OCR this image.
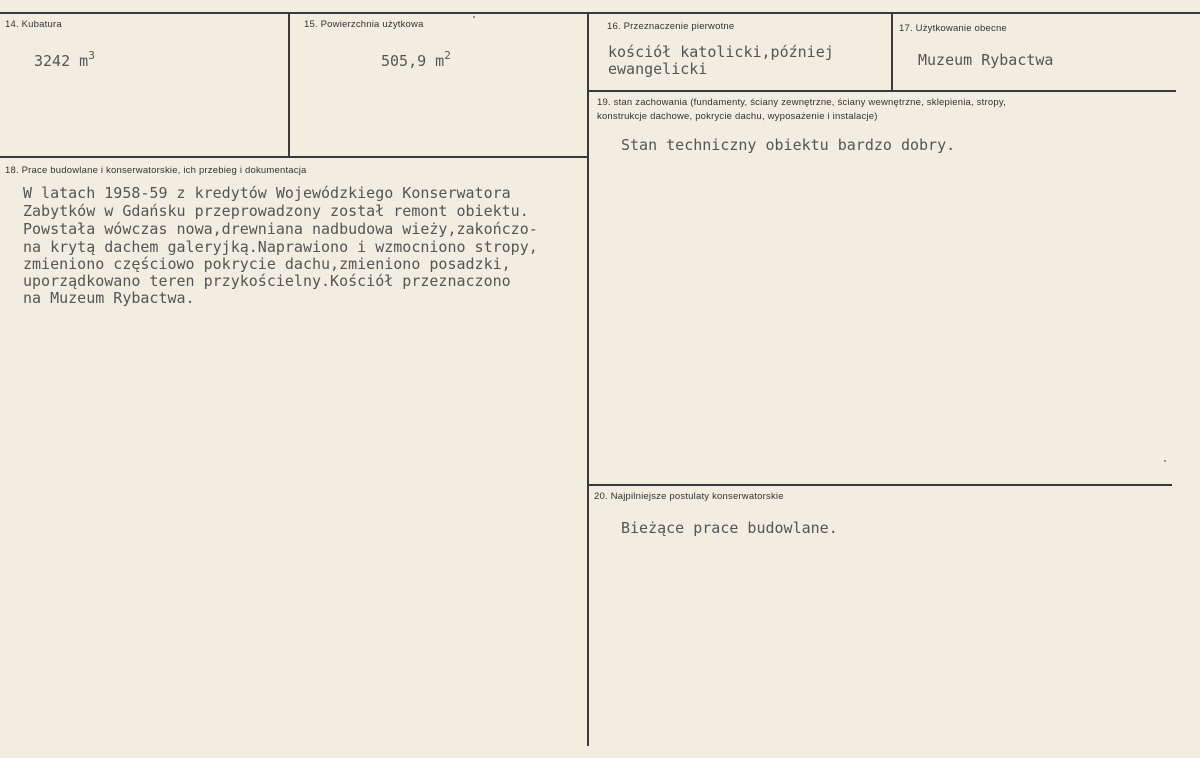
14. Kubatura
3242 $m^3$
15. Powierzchnia użytkowa
505,9 $m^2$
16. Przeznaczenie pierwotne
kościół katolicki,później
ewangelicki
17. Użytkowanie obecne
Muzeum Rybactwa
18. Prace budowlane i konserwatorskie, ich przebieg i dokumentacja
W latach 1958-59 z kredytów Wojewódzkiego Konserwatora
Zabytków w Gdańsku przeprowadzony został remont obiektu.
Powstała wówczas nowa,drewniana nadbudowa wieży,zakończo-
na krytą dachem galeryjką.Naprawiono i wzmocniono stropy,
zmieniono częściowo pokrycie dachu,zmieniono posadzki,
uporządkowano teren przykościelny.Kościół przeznaczono
na Muzeum Rybactwa.
19. stan zachowania (fundamenty, ściany zewnętrzne, ściany wewnętrzne, sklepienia, stropy,
konstrukcje dachowe, pokrycie dachu, wyposażenie i instalacje)
Stan techniczny obiektu bardzo dobry.
20. Najpilniejsze postulaty konserwatorskie
Bieżące prace budowlane.
